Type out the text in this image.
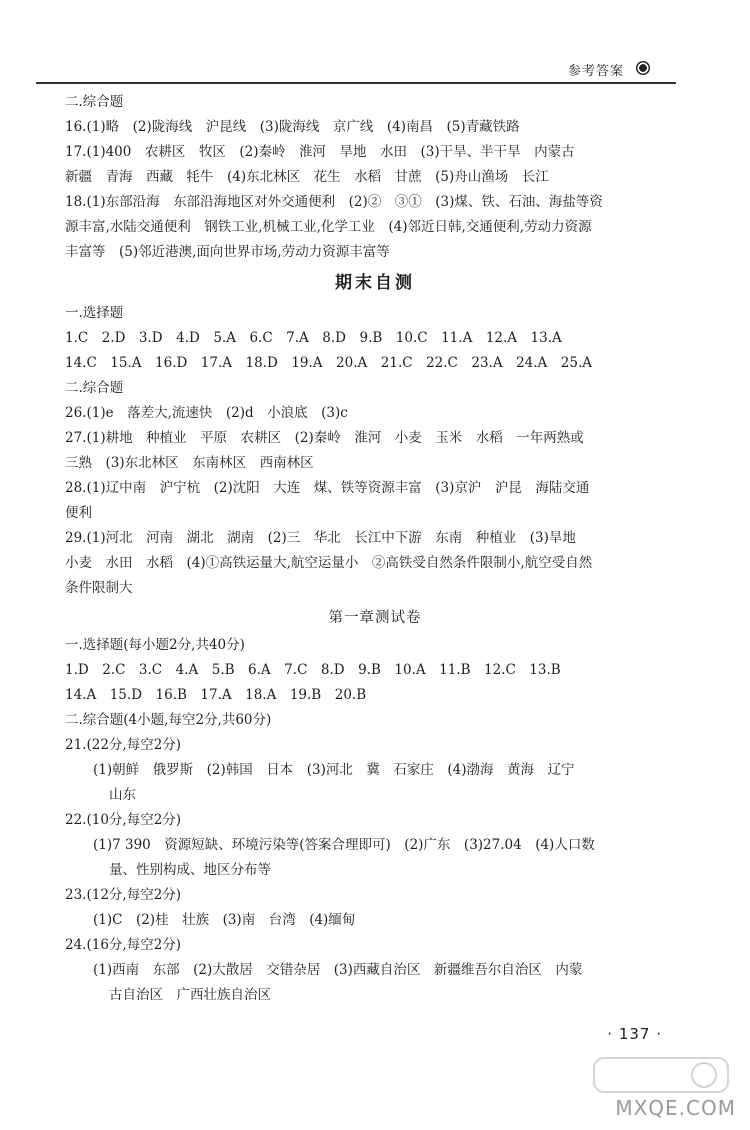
参考答案
二.综合题
16.(1)略　(2)陇海线　沪昆线　(3)陇海线　京广线　(4)南昌　(5)青藏铁路
17.(1)400　农耕区　牧区　(2)秦岭　淮河　旱地　水田　(3)干旱、半干旱　内蒙古
新疆　青海　西藏　牦牛　(4)东北林区　花生　水稻　甘蔗　(5)舟山渔场　长江
18.(1)东部沿海　东部沿海地区对外交通便利　(2)②　③①　(3)煤、铁、石油、海盐等资
源丰富,水陆交通便利　钢铁工业,机械工业,化学工业　(4)邻近日韩,交通便利,劳动力资源
丰富等　(5)邻近港澳,面向世界市场,劳动力资源丰富等
期末自测
一.选择题
1.C　2.D　3.D　4.D　5.A　6.C　7.A　8.D　9.B　10.C　11.A　12.A　13.A
14.C　15.A　16.D　17.A　18.D　19.A　20.A　21.C　22.C　23.A　24.A　25.A
二.综合题
26.(1)e　落差大,流速快　(2)d　小浪底　(3)c
27.(1)耕地　种植业　平原　农耕区　(2)秦岭　淮河　小麦　玉米　水稻　一年两熟或
三熟　(3)东北林区　东南林区　西南林区
28.(1)辽中南　沪宁杭　(2)沈阳　大连　煤、铁等资源丰富　(3)京沪　沪昆　海陆交通
便利
29.(1)河北　河南　湖北　湖南　(2)三　华北　长江中下游　东南　种植业　(3)旱地
小麦　水田　水稻　(4)①高铁运量大,航空运量小　②高铁受自然条件限制小,航空受自然
条件限制大
第一章测试卷
一.选择题(每小题2分,共40分)
1.D　2.C　3.C　4.A　5.B　6.A　7.C　8.D　9.B　10.A　11.B　12.C　13.B
14.A　15.D　16.B　17.A　18.A　19.B　20.B
二.综合题(4小题,每空2分,共60分)
21.(22分,每空2分)
(1)朝鲜　俄罗斯　(2)韩国　日本　(3)河北　冀　石家庄　(4)渤海　黄海　辽宁
山东
22.(10分,每空2分)
(1)7 390　资源短缺、环境污染等(答案合理即可)　(2)广东　(3)27.04　(4)人口数
量、性别构成、地区分布等
23.(12分,每空2分)
(1)C　(2)桂　壮族　(3)南　台湾　(4)缅甸
24.(16分,每空2分)
(1)西南　东部　(2)大散居　交错杂居　(3)西藏自治区　新疆维吾尔自治区　内蒙
古自治区　广西壮族自治区
· 137 ·
MXQE.COM
